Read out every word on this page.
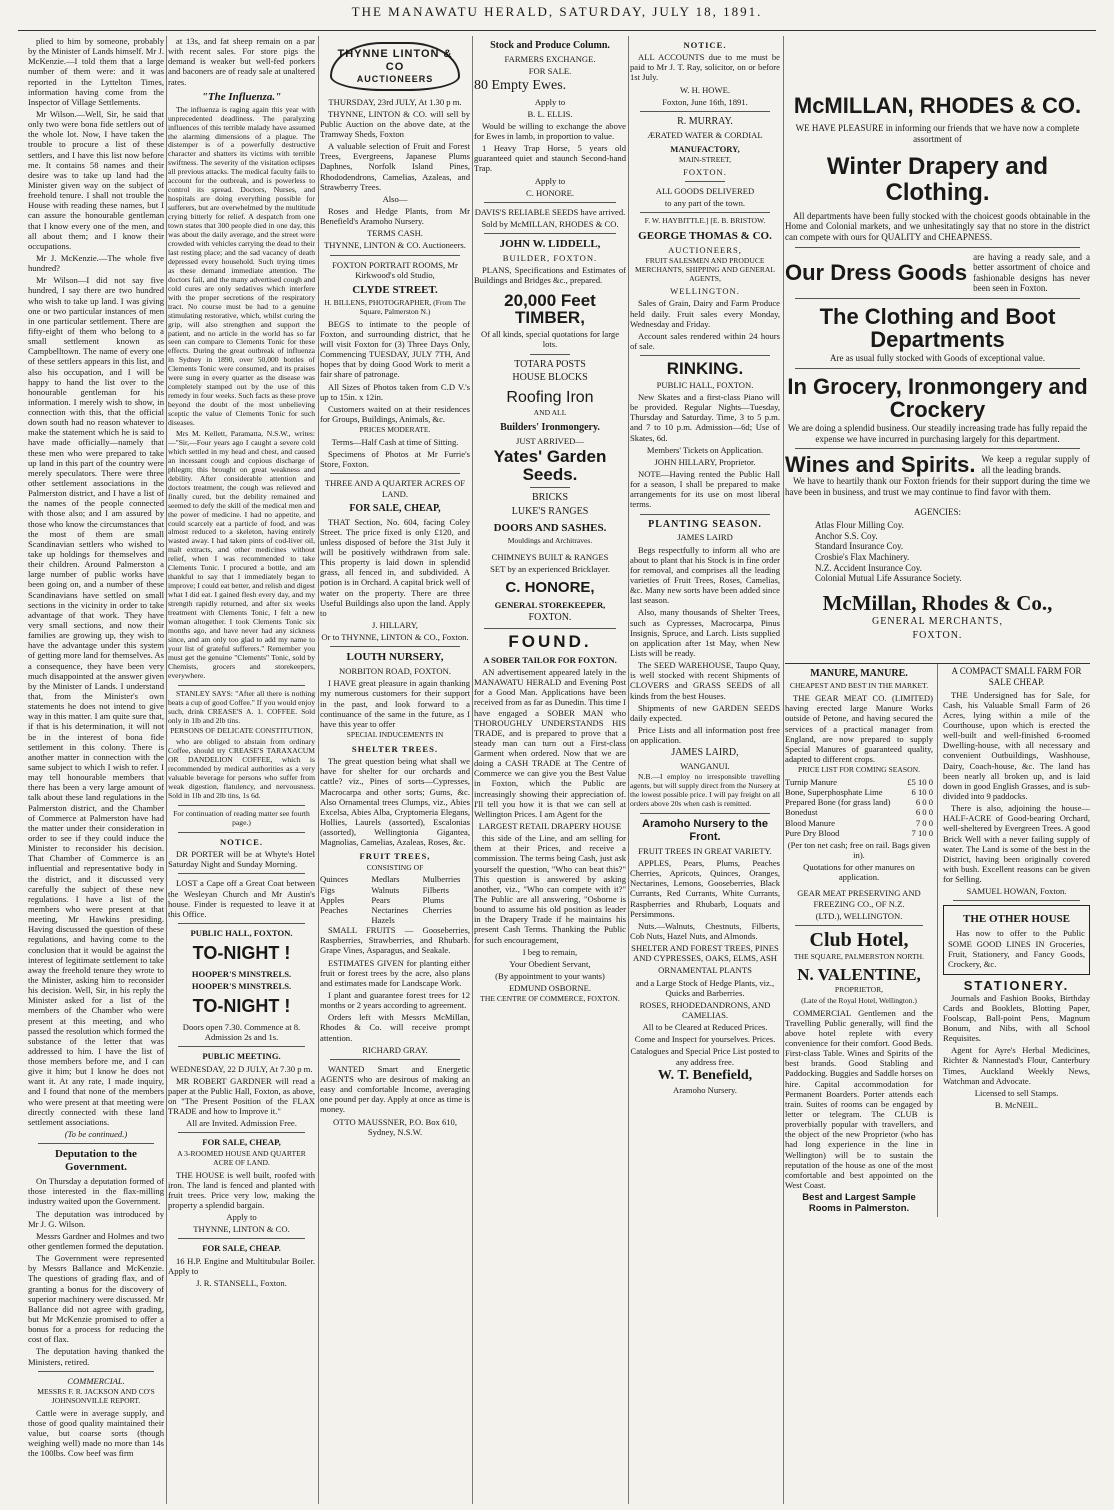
THE MANAWATU HERALD, SATURDAY, JULY 18, 1891.

plied to him by someone, probably by the Minister of Lands himself. Mr J. McKenzie.—I told them that a large number of them were: and it was reported in the Lyttelton Times, information having come from the Inspector of Village Settlements.

Mr Wilson.—Well, Sir, he said that only two were bona fide settlers out of the whole lot. Now, I have taken the trouble to procure a list of these settlers, and I have this list now before me. It contains 58 names and their desire was to take up land had the Minister given way on the subject of freehold tenure. I shall not trouble the House with reading these names, but I can assure the honourable gentleman that I know every one of the men, and all about them; and I know their occupations.

Mr J. McKenzie.—The whole five hundred?

Mr Wilson—I did not say five hundred, I say there are two hundred who wish to take up land. I was giving one or two particular instances of men in one particular settlement. There are fifty-eight of them who belong to a small settlement known as Campbelltown. The name of every one of these settlers appears in this list, and also his occupation, and I will be happy to hand the list over to the honourable gentleman for his information. I merely wish to show, in connection with this, that the official down south had no reason whatever to make the statement which he is said to have made officially—namely that these men who were prepared to take up land in this part of the country were merely speculators. There were three other settlement associations in the Palmerston district, and I have a list of the names of the people connected with those also; and I am assured by those who know the circumstances that the most of them are small Scandinavian settlers who wished to take up holdings for themselves and their children. Around Palmerston a large number of public works have been going on, and a number of these Scandinavians have settled on small sections in the vicinity in order to take advantage of that work. They have very small sections, and now their families are growing up, they wish to have the advantage under this system of getting more land for themselves. As a consequence, they have been very much disappointed at the answer given by the Minister of Lands. I understand that, from the Minister's own statements he does not intend to give way in this matter. I am quite sure that, if that is his determination, it will not be in the interest of bona fide settlement in this colony. There is another matter in connection with the same subject to which I wish to refer. I may tell honourable members that there has been a very large amount of talk about these land regulations in the Palmerston district, and the Chamber of Commerce at Palmerston have had the matter under their consideration in order to see if they could induce the Minister to reconsider his decision. That Chamber of Commerce is an influential and representative body in the district, and it discussed very carefully the subject of these new regulations. I have a list of the members who were present at that meeting, Mr Hawkins presiding. Having discussed the question of these regulations, and having come to the conclusion that it would be against the interest of legitimate settlement to take away the freehold tenure they wrote to the Minister, asking him to reconsider his decision. Well, Sir, in his reply the Minister asked for a list of the members of the Chamber who were present at this meeting, and who passed the resolution which formed the substance of the letter that was addressed to him. I have the list of those members before me, and I can give it him; but I know he does not want it. At any rate, I made inquiry, and I found that none of the members who were present at that meeting were directly connected with these land settlement associations.

(To be continued.)
Deputation to the Government.

On Thursday a deputation formed of those interested in the flax-milling industry waited upon the Government.

The deputation was introduced by Mr J. G. Wilson.

Messrs Gardner and Holmes and two other gentlemen formed the deputation.

The Government were represented by Messrs Ballance and McKenzie. The questions of grading flax, and of granting a bonus for the discovery of superior machinery were discussed. Mr Ballance did not agree with grading, but Mr McKenzie promised to offer a bonus for a process for reducing the cost of flax.

The deputation having thanked the Ministers, retired.

COMMERCIAL.
MESSRS F. R. JACKSON AND CO'S JOHNSONVILLE REPORT.

Cattle were in average supply, and those of good quality maintained their value, but coarse sorts (though weighing well) made no more than 14s the 100lbs. Cow beef was firm

at 13s, and fat sheep remain on a par with recent sales. For store pigs the demand is weaker but well-fed porkers and baconers are of ready sale at unaltered rates.

"The Influenza."

The influenza is raging again this year with unprecedented deadliness. The paralyzing influences of this terrible malady have assumed the alarming dimensions of a plague. The distemper is of a powerfully destructive character and shatters its victims with terrible swiftness. The severity of the visitation eclipses all previous attacks. The medical faculty fails to account for the outbreak, and is powerless to control its spread. Doctors, Nurses, and hospitals are doing everything possible for sufferers, but are overwhelmed by the multitude crying bitterly for relief. A despatch from one town states that 300 people died in one day, this was about the daily average, and the street were crowded with vehicles carrying the dead to their last resting place; and the sad vacancy of death depressed every household. Such trying times as these demand immediate attention. The doctors fail, and the many advertised cough and cold cures are only sedatives which interfere with the proper secretions of the respiratory tract. No course must be had to a genuine stimulating restorative, which, whilst curing the grip, will also strengthen and support the patient, and no article in the world has so far seen can compare to Clements Tonic for these effects. During the great outbreak of influenza in Sydney in 1890, over 50,000 bottles of Clements Tonic were consumed, and its praises were sung in every quarter as the disease was completely stamped out by the use of this remedy in four weeks. Such facts as these prove beyond the doubt of the most unbelieving sceptic the value of Clements Tonic for such diseases.

Mrs M. Kellett, Paramatta, N.S.W., writes:—"Sir,—Four years ago I caught a severe cold which settled in my head and chest, and caused an incessant cough and copious discharge of phlegm; this brought on great weakness and debility. After considerable attention and doctors treatment, the cough was relieved and finally cured, but the debility remained and seemed to defy the skill of the medical men and the power of medicine. I had no appetite, and could scarcely eat a particle of food, and was almost reduced to a skeleton, having entirely wasted away. I had taken pints of cod-liver oil, malt extracts, and other medicines without relief, when I was recommended to take Clements Tonic. I procured a bottle, and am thankful to say that I immediately began to improve; I could eat better, and relish and digest what I did eat. I gained flesh every day, and my strength rapidly returned, and after six weeks treatment with Clements Tonic, I felt a new woman altogether. I took Clements Tonic six months ago, and have never had any sickness since, and am only too glad to add my name to your list of grateful sufferers." Remember you must get the genuine "Clements" Tonic, sold by Chemists, grocers and storekeepers, everywhere.

STANLEY SAYS: "After all there is nothing beats a cup of good Coffee." If you would enjoy such, drink CREASE'S A. 1. COFFEE. Sold only in 1lb and 2lb tins.

PERSONS OF DELICATE CONSTITUTION,

who are obliged to abstain from ordinary Coffee, should try CREASE'S TARAXACUM OR DANDELION COFFEE, which is recommended by medical authorities as a very valuable beverage for persons who suffer from weak digestion, flatulency, and nervousness. Sold in 1lb and 2lb tins, 1s 6d.

For continuation of reading matter see fourth page.)
NOTICE.

DR PORTER will be at Whyte's Hotel Saturday Night and Sunday Morning.

LOST a Cape off a Great Coat between the Wesleyan Church and Mr Austin's house. Finder is requested to leave it at this Office.

PUBLIC HALL, FOXTON.
TO-NIGHT !
HOOPER'S MINSTRELS.
HOOPER'S MINSTRELS.
TO-NIGHT !
Doors open 7.30. Commence at 8. Admission 2s and 1s.
PUBLIC MEETING.
WEDNESDAY, 22 D JULY, At 7.30 p m.

MR ROBERT GARDNER will read a paper at the Public Hall, Foxton, as above, on "The Present Position of the FLAX TRADE and how to Improve it."

All are Invited. Admission Free.
FOR SALE, CHEAP,
A 3-ROOMED HOUSE AND QUARTER ACRE OF LAND.

THE HOUSE is well built, roofed with iron. The land is fenced and planted with fruit trees. Price very low, making the property a splendid bargain.

Apply to
THYNNE, LINTON & CO.
FOR SALE, CHEAP.

16 H.P. Engine and Multitubular Boiler. Apply to

J. R. STANSELL, Foxton.
THYNNE LINTON & CO
AUCTIONEERS
THURSDAY, 23rd JULY, At 1.30 p m.

THYNNE, LINTON & CO. will sell by Public Auction on the above date, at the Tramway Sheds, Foxton

A valuable selection of Fruit and Forest Trees, Evergreens, Japanese Plums Daphnes, Norfolk Island Pines, Rhododendrons, Camelias, Azaleas, and Strawberry Trees.

Also—

Roses and Hedge Plants, from Mr Benefield's Aramoho Nursery.

TERMS CASH.
THYNNE, LINTON & CO. Auctioneers.
FOXTON PORTRAIT ROOMS, Mr Kirkwood's old Studio,
CLYDE STREET.
H. BILLENS, PHOTOGRAPHER, (From The Square, Palmerston N.)

BEGS to intimate to the people of Foxton, and surrounding district, that he will visit Foxton for (3) Three Days Only, Commencing TUESDAY, JULY 7TH, And hopes that by doing Good Work to merit a fair share of patronage.

All Sizes of Photos taken from C.D V.'s up to 15in. x 12in.

Customers waited on at their residences for Groups, Buildings, Animals, &c.

PRICES MODERATE.
Terms—Half Cash at time of Sitting.

Specimens of Photos at Mr Furrie's Store, Foxton.

THREE AND A QUARTER ACRES OF LAND.
FOR SALE, CHEAP,

THAT Section, No. 604, facing Coley Street. The price fixed is only £120, and unless disposed of before the 31st July it will be positively withdrawn from sale. This property is laid down in splendid grass, all fenced in, and subdivided. A potion is in Orchard. A capital brick well of water on the property. There are three Useful Buildings also upon the land. Apply to

J. HILLARY,
Or to THYNNE, LINTON & CO., Foxton.
LOUTH NURSERY,
NORBITON ROAD, FOXTON.

I HAVE great pleasure in again thanking my numerous customers for their support in the past, and look forward to a continuance of the same in the future, as I have this year to offer

SPECIAL INDUCEMENTS IN
SHELTER TREES.

The great question being what shall we have for shelter for our orchards and cattle? viz., Pines of sorts—Cypresses, Macrocarpa and other sorts; Gums, &c. Also Ornamental trees Clumps, viz., Abies Excelsa, Abies Alba, Cryptomeria Elegans, Hollies, Laurels (assorted), Escalonias (assorted), Wellingtonia Gigantea, Magnolias, Camelias, Azaleas, Roses, &c.

FRUIT TREES,
CONSISTING OF
Quinces	Medlars	Mulberries
Figs	Walnuts	Filberts
Apples	Pears	Plums
Peaches	Nectarines	Cherries
Hazels

SMALL FRUITS — Gooseberries, Raspberries, Strawberries, and Rhubarb. Grape Vines, Asparagus, and Seakale.

ESTIMATES GIVEN for planting either fruit or forest trees by the acre, also plans and estimates made for Landscape Work.

I plant and guarantee forest trees for 12 months or 2 years according to agreement.

Orders left with Messrs McMillan, Rhodes & Co. will receive prompt attention.

RICHARD GRAY.

WANTED Smart and Energetic AGENTS who are desirous of making an easy and comfortable Income, averaging one pound per day. Apply at once as time is money.

OTTO MAUSSNER, P.O. Box 610, Sydney, N.S.W.
Stock and Produce Column.
FARMERS EXCHANGE.
FOR SALE.
80 Empty Ewes.
Apply to
B. L. ELLIS.

Would be willing to exchange the above for Ewes in lamb, in proportion to value.

1 Heavy Trap Horse, 5 years old guaranteed quiet and staunch Second-hand Trap.

Apply to
C. HONORE.
DAVIS'S RELIABLE SEEDS have arrived.
Sold by McMILLAN, RHODES & CO.
JOHN W. LIDDELL,
BUILDER, FOXTON.

PLANS, Specifications and Estimates of Buildings and Bridges &c., prepared.

20,000 Feet
TIMBER,
Of all kinds, special quotations for large lots.
TOTARA POSTS
HOUSE BLOCKS
Roofing Iron
AND ALL
Builders' Ironmongery.
JUST ARRIVED—
Yates' Garden
Seeds.
BRICKS
LUKE'S RANGES
DOORS AND SASHES.
Mouldings and Architraves.
CHIMNEYS BUILT & RANGES
SET by an experienced Bricklayer.
C. HONORE,
GENERAL STOREKEEPER,
FOXTON.
FOUND.
A SOBER TAILOR FOR FOXTON.

AN advertisement appeared lately in the MANAWATU HERALD and Evening Post for a Good Man. Applications have been received from as far as Dunedin. This time I have engaged a SOBER MAN who THOROUGHLY UNDERSTANDS HIS TRADE, and is prepared to prove that a steady man can turn out a First-class Garment when ordered. Now that we are doing a CASH TRADE at The Centre of Commerce we can give you the Best Value in Foxton, which the Public are increasingly showing their appreciation of. I'll tell you how it is that we can sell at Wellington Prices. I am Agent for the

LARGEST RETAIL DRAPERY HOUSE

this side of the Line, and am selling for them at their Prices, and receive a commission. The terms being Cash, just ask yourself the question, "Who can beat this?" This question is answered by asking another, viz., "Who can compete with it?" The Public are all answering, "Osborne is bound to assume his old position as leader in the Drapery Trade if he maintains his present Cash Terms. Thanking the Public for such encouragement,

I beg to remain,
Your Obedient Servant,
(By appointment to your wants)
EDMUND OSBORNE.
THE CENTRE OF COMMERCE, FOXTON.
NOTICE.

ALL ACCOUNTS due to me must be paid to Mr J. T. Ray, solicitor, on or before 1st July.

W. H. HOWE.
Foxton, June 16th, 1891.
R. MURRAY.
ÆRATED WATER & CORDIAL
MANUFACTORY,
MAIN-STREET,
FOXTON.
ALL GOODS DELIVERED
to any part of the town.
F. W. HAYBITTLE.] [E. B. BRISTOW.
GEORGE THOMAS & CO.
AUCTIONEERS,
FRUIT SALESMEN AND PRODUCE MERCHANTS, SHIPPING AND GENERAL AGENTS,
WELLINGTON.

Sales of Grain, Dairy and Farm Produce held daily. Fruit sales every Monday, Wednesday and Friday.

Account sales rendered within 24 hours of sale.

RINKING.
PUBLIC HALL, FOXTON.

New Skates and a first-class Piano will be provided. Regular Nights—Tuesday, Thursday and Saturday. Time, 3 to 5 p.m. and 7 to 10 p.m. Admission—6d; Use of Skates, 6d.

Members' Tickets on Application.
JOHN HILLARY, Proprietor.

NOTE—Having rented the Public Hall for a season, I shall be prepared to make arrangements for its use on most liberal terms.

PLANTING SEASON.
JAMES LAIRD

Begs respectfully to inform all who are about to plant that his Stock is in fine order for removal, and comprises all the leading varieties of Fruit Trees, Roses, Camelias, &c. Many new sorts have been added since last season.

Also, many thousands of Shelter Trees, such as Cypresses, Macrocarpa, Pinus Insignis, Spruce, and Larch. Lists supplied on application after 1st May, when New Lists will be ready.

The SEED WAREHOUSE, Taupo Quay, is well stocked with recent Shipments of CLOVERS and GRASS SEEDS of all kinds from the best Houses.

Shipments of new GARDEN SEEDS daily expected.

Price Lists and all information post free on application.

JAMES LAIRD,
WANGANUI.

N.B.—I employ no irresponsible travelling agents, but will supply direct from the Nursery at the lowest possible price. I will pay freight on all orders above 20s when cash is remitted.

Aramoho Nursery to the Front.
FRUIT TREES IN GREAT VARIETY.

APPLES, Pears, Plums, Peaches Cherries, Apricots, Quinces, Oranges, Nectarines, Lemons, Gooseberries, Black Currants, Red Currants, White Currants, Raspberries and Rhubarb, Loquats and Persimmons.

Nuts.—Walnuts, Chestnuts, Filberts, Cob Nuts, Hazel Nuts, and Almonds.

SHELTER AND FOREST TREES, PINES AND CYPRESSES, OAKS, ELMS, ASH
ORNAMENTAL PLANTS
and a Large Stock of Hedge Plants, viz., Quicks and Barberries.
ROSES, RHODEDANDRONS, AND CAMELIAS.
All to be Cleared at Reduced Prices.
Come and Inspect for yourselves. Prices.
Catalogues and Special Price List posted to any address free.
W. T. Benefield,
Aramoho Nursery.
McMILLAN, RHODES & CO.
WE HAVE PLEASURE in informing our friends that we have now a complete assortment of
Winter Drapery and Clothing.

All departments have been fully stocked with the choicest goods obtainable in the Home and Colonial markets, and we unhesitatingly say that no store in the district can compete with ours for QUALITY and CHEAPNESS.

Our Dress Goods
are having a ready sale, and a better assortment of choice and fashionable designs has never been seen in Foxton.
The Clothing and Boot Departments
Are as usual fully stocked with Goods of exceptional value.
In Grocery, Ironmongery and Crockery
We are doing a splendid business. Our steadily increasing trade has fully repaid the expense we have incurred in purchasing largely for this department.
Wines and Spirits. We keep a regular supply of all the leading brands.

We have to heartily thank our Foxton friends for their support during the time we have been in business, and trust we may continue to find favor with them.

AGENCIES:
Atlas Flour Milling Coy.
Anchor S.S. Coy.
Standard Insurance Coy.
Crosbie's Flax Machinery.
N.Z. Accident Insurance Coy.
Colonial Mutual Life Assurance Society.
McMillan, Rhodes & Co.,
GENERAL MERCHANTS,
FOXTON.
MANURE, MANURE.
CHEAPEST AND BEST IN THE MARKET.

THE GEAR MEAT CO. (LIMITED) having erected large Manure Works outside of Petone, and having secured the services of a practical manager from England, are now prepared to supply Special Manures of guaranteed quality, adapted to different crops.

PRICE LIST FOR COMING SEASON.
Turnip Manure	£5 10 0
Bone, Superphosphate Lime	6 10 0
Prepared Bone (for grass land)	6 0 0
Bonedust	6 0 0
Blood Manure	7 0 0
Pure Dry Blood	7 10 0
(Per ton net cash; free on rail. Bags given in).
Quotations for other manures on application.
GEAR MEAT PRESERVING AND FREEZING CO., OF N.Z.
(LTD.), WELLINGTON.
Club Hotel,
THE SQUARE, PALMERSTON NORTH.
N. VALENTINE,
PROPRIETOR,
(Late of the Royal Hotel, Wellington.)

COMMERCIAL Gentlemen and the Travelling Public generally, will find the above hotel replete with every convenience for their comfort. Good Beds. First-class Table. Wines and Spirits of the best brands. Good Stabling and Paddocking. Buggies and Saddle horses on hire. Capital accommodation for Permanent Boarders. Porter attends each train. Suites of rooms can be engaged by letter or telegram. The CLUB is proverbially popular with travellers, and the object of the new Proprietor (who has had long experience in the line in Wellington) will be to sustain the reputation of the house as one of the most comfortable and best appointed on the West Coast.

Best and Largest Sample Rooms in Palmerston.
A COMPACT SMALL FARM FOR SALE CHEAP.

THE Undersigned has for Sale, for Cash, his Valuable Small Farm of 26 Acres, lying within a mile of the Courthouse, upon which is erected the well-built and well-finished 6-roomed Dwelling-house, with all necessary and convenient Outbuildings, Washhouse, Dairy, Coach-house, &c. The land has been nearly all broken up, and is laid down in good English Grasses, and is sub-divided into 9 paddocks.

There is also, adjoining the house—HALF-ACRE of Good-bearing Orchard, well-sheltered by Evergreen Trees. A good Brick Well with a never failing supply of water. The Land is some of the best in the District, having been originally covered with bush. Excellent reasons can be given for Selling.

SAMUEL HOWAN, Foxton.
THE OTHER HOUSE

Has now to offer to the Public SOME GOOD LINES IN Groceries, Fruit, Stationery, and Fancy Goods, Crockery, &c.

STATIONERY.

Journals and Fashion Books, Birthday Cards and Booklets, Blotting Paper, Foolscap, Ball-point Pens, Magnum Bonum, and Nibs, with all School Requisites.

Agent for Ayre's Herbal Medicines, Richter & Nannestad's Flour, Canterbury Times, Auckland Weekly News, Watchman and Advocate.

Licensed to sell Stamps.
B. McNEIL.
